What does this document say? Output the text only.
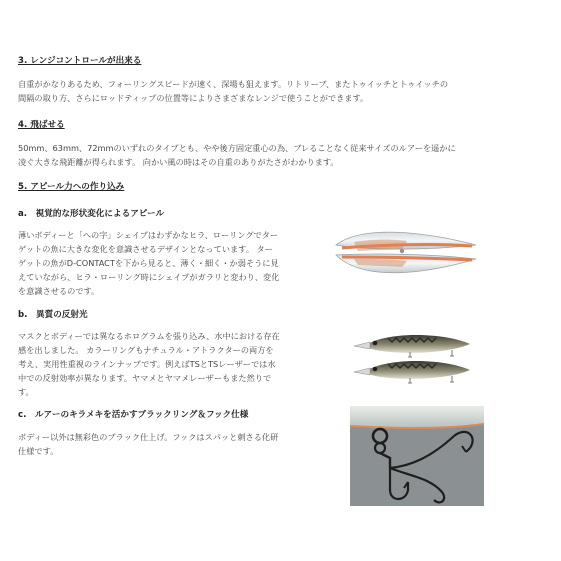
3. レンジコントロールが出来る

自重がかなりあるため、フォーリングスピードが速く、深場も狙えます。リトリーブ、またトゥイッチとトゥイッチの
間隔の取り方、さらにロッドティップの位置等によりさまざまなレンジで使うことができます。

4. 飛ばせる

50mm、63mm、72mmのいずれのタイプとも、やや後方固定重心の為、ブレることなく従来サイズのルアーを遥かに
凌ぐ大きな飛距離が得られます。 向かい風の時はその自重のありがたさがわかります。

5. アピール力への作り込み
a.　視覚的な形状変化によるアピール

薄いボディーと「への字」シェイプはわずかなヒラ、ローリングでター
ゲットの魚に大きな変化を意識させるデザインとなっています。 ター
ゲットの魚がD-CONTACTを下から見ると、薄く・細く・か弱そうに見
えていながら、ヒラ・ローリング時にシェイプがガラリと変わり、変化
を意識させるのです。

b.　異質の反射光

マスクとボディーでは異なるホログラムを張り込み、水中における存在
感を出しました。 カラーリングもナチュラル・アトラクターの両方を
考え、実用性重視のラインナップです。例えばTSとTSレーザーでは水
中での反射効率が異なります。ヤマメとヤマメレーザーもまた然りで
す。

c.　ルアーのキラメキを活かすブラックリング＆フック仕様

ボディー以外は無彩色のブラック仕上げ。フックはスパッと刺さる化研
仕様です。
